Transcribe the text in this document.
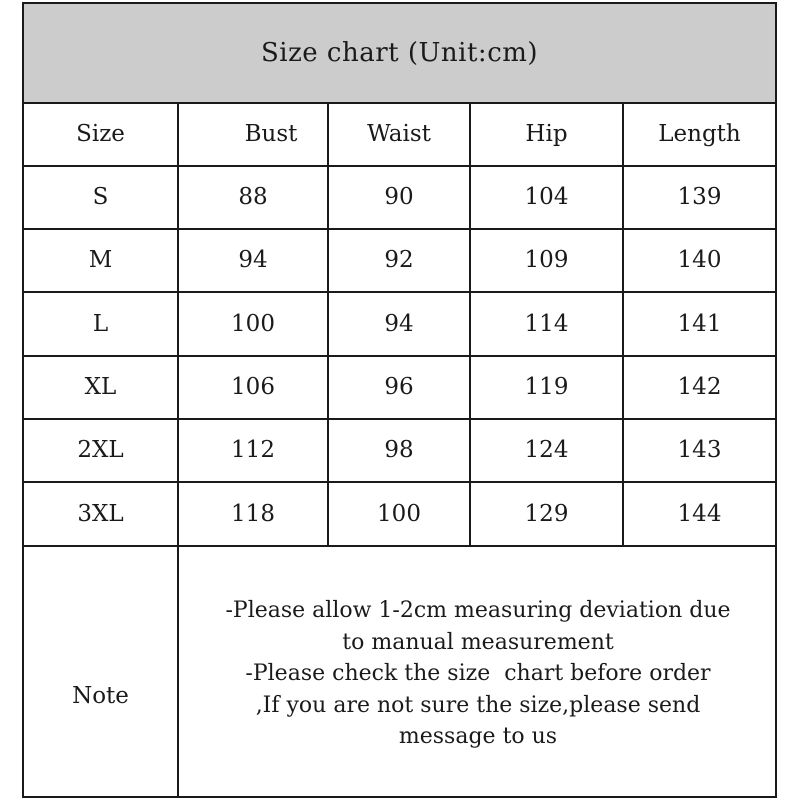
Size chart (Unit:cm)
Size	Bust	Waist	Hip	Length
S	88	90	104	139
M	94	92	109	140
L	100	94	114	141
XL	106	96	119	142
2XL	112	98	124	143
3XL	118	100	129	144
Note
-Please allow 1-2cm measuring deviation due
to manual measurement
-Please check the size  chart before order
,If you are not sure the size,please send
message to us
